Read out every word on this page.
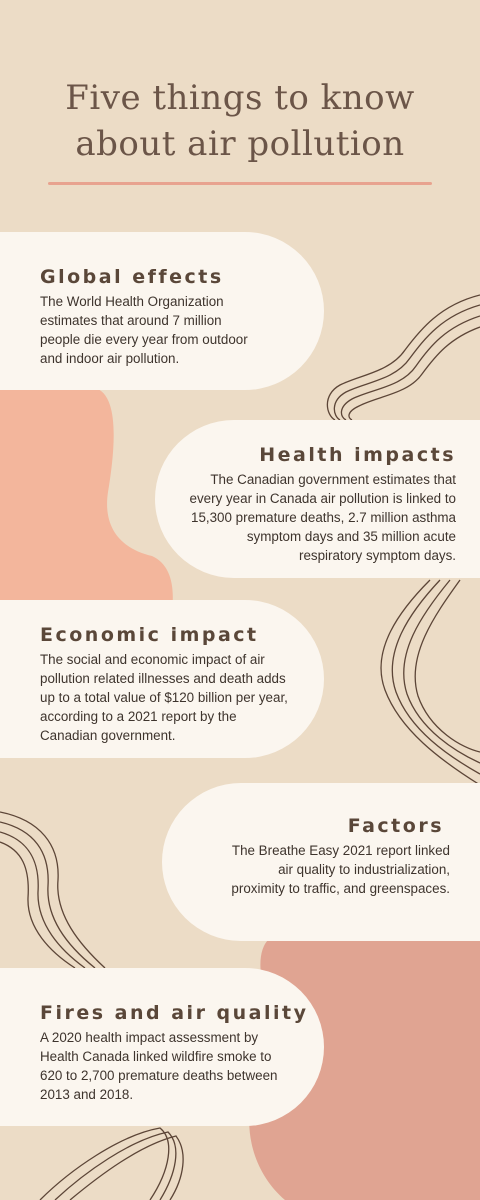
Five things to know
about air pollution
Global effects
The World Health Organization
estimates that around 7 million
people die every year from outdoor
and indoor air pollution.
Health impacts
The Canadian government estimates that
every year in Canada air pollution is linked to
15,300 premature deaths, 2.7 million asthma
symptom days and 35 million acute
respiratory symptom days.
Economic impact
The social and economic impact of air
pollution related illnesses and death adds
up to a total value of $120 billion per year,
according to a 2021 report by the
Canadian government.
Factors
The Breathe Easy 2021 report linked
air quality to industrialization,
proximity to traffic, and greenspaces.
Fires and air quality
A 2020 health impact assessment by
Health Canada linked wildfire smoke to
620 to 2,700 premature deaths between
2013 and 2018.
